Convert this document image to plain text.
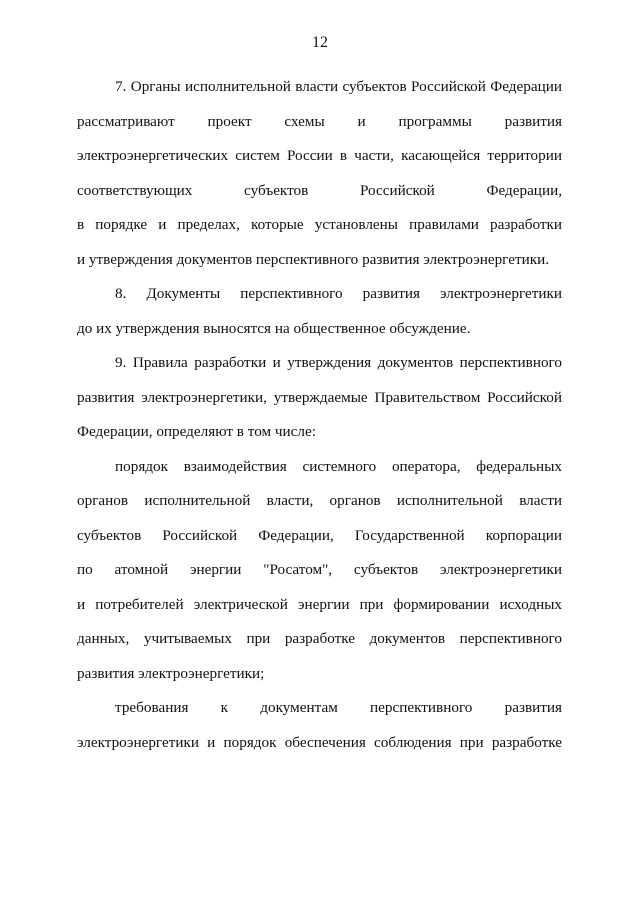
12
7. Органы исполнительной власти субъектов Российской Федерации
рассматривают проект схемы и программы развития
электроэнергетических систем России в части, касающейся территории
соответствующих субъектов Российской Федерации,
в порядке и пределах, которые установлены правилами разработки
и утверждения документов перспективного развития электроэнергетики.
8. Документы перспективного развития электроэнергетики
до их утверждения выносятся на общественное обсуждение.
9. Правила разработки и утверждения документов перспективного
развития электроэнергетики, утверждаемые Правительством Российской
Федерации, определяют в том числе:
порядок взаимодействия системного оператора, федеральных
органов исполнительной власти, органов исполнительной власти
субъектов Российской Федерации, Государственной корпорации
по атомной энергии "Росатом", субъектов электроэнергетики
и потребителей электрической энергии при формировании исходных
данных, учитываемых при разработке документов перспективного
развития электроэнергетики;
требования к документам перспективного развития
электроэнергетики и порядок обеспечения соблюдения при разработке
